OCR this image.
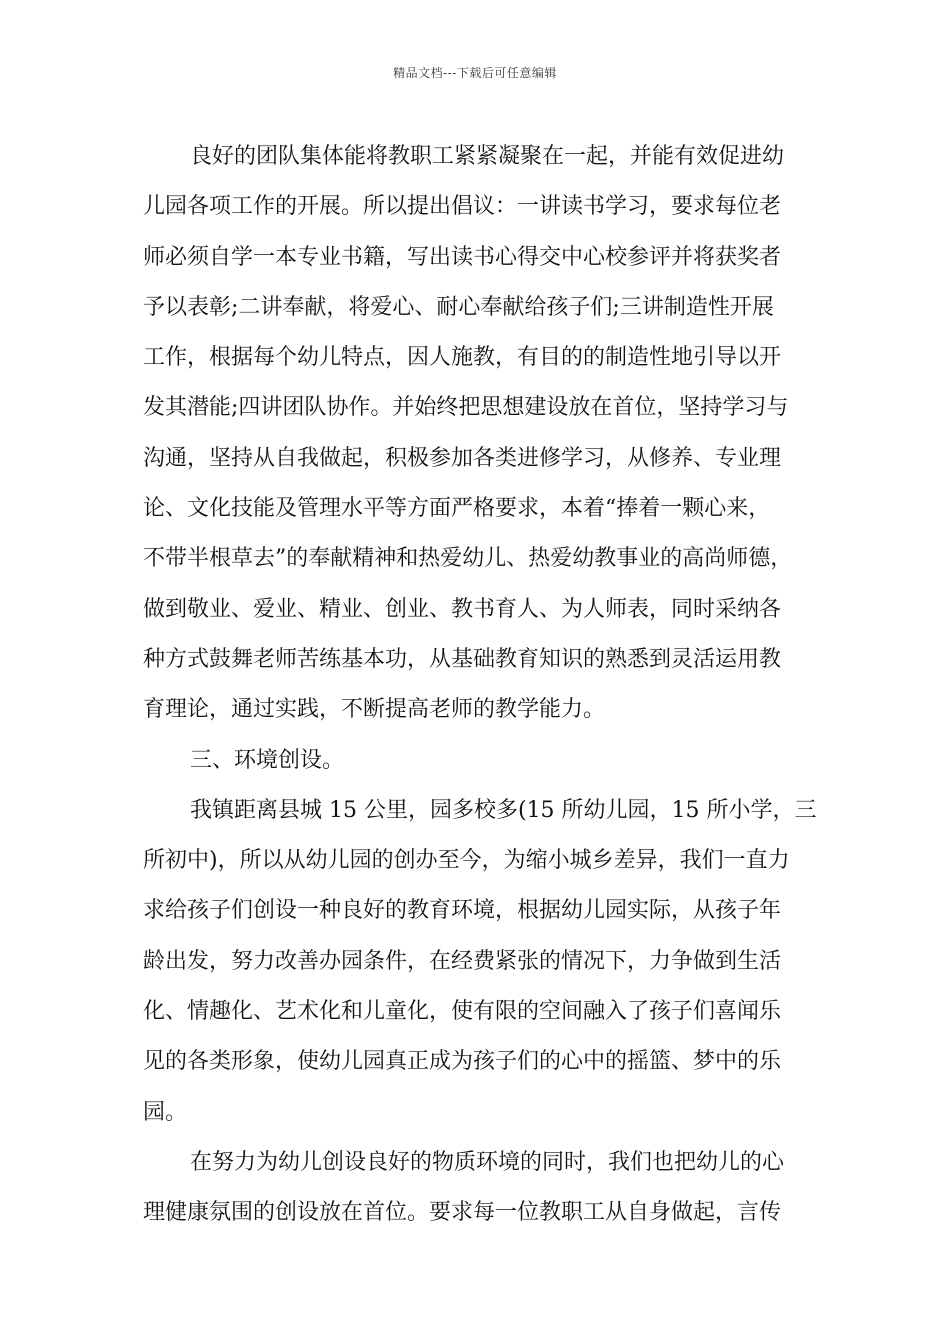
精品文档---下载后可任意编辑
良好的团队集体能将教职工紧紧凝聚在一起，并能有效促进幼
儿园各项工作的开展。所以提出倡议：一讲读书学习，要求每位老
师必须自学一本专业书籍，写出读书心得交中心校参评并将获奖者
予以表彰;二讲奉献，将爱心、耐心奉献给孩子们;三讲制造性开展
工作，根据每个幼儿特点，因人施教，有目的的制造性地引导以开
发其潜能;四讲团队协作。并始终把思想建设放在首位，坚持学习与
沟通，坚持从自我做起，积极参加各类进修学习，从修养、专业理
论、文化技能及管理水平等方面严格要求，本着“捧着一颗心来，
不带半根草去”的奉献精神和热爱幼儿、热爱幼教事业的高尚师德，
做到敬业、爱业、精业、创业、教书育人、为人师表，同时采纳各
种方式鼓舞老师苦练基本功，从基础教育知识的熟悉到灵活运用教
育理论，通过实践，不断提高老师的教学能力。
三、环境创设。
我镇距离县城 15 公里，园多校多(15 所幼儿园，15 所小学，三
所初中)，所以从幼儿园的创办至今，为缩小城乡差异，我们一直力
求给孩子们创设一种良好的教育环境，根据幼儿园实际，从孩子年
龄出发，努力改善办园条件，在经费紧张的情况下，力争做到生活
化、情趣化、艺术化和儿童化，使有限的空间融入了孩子们喜闻乐
见的各类形象，使幼儿园真正成为孩子们的心中的摇篮、梦中的乐
园。
在努力为幼儿创设良好的物质环境的同时，我们也把幼儿的心
理健康氛围的创设放在首位。要求每一位教职工从自身做起，言传
